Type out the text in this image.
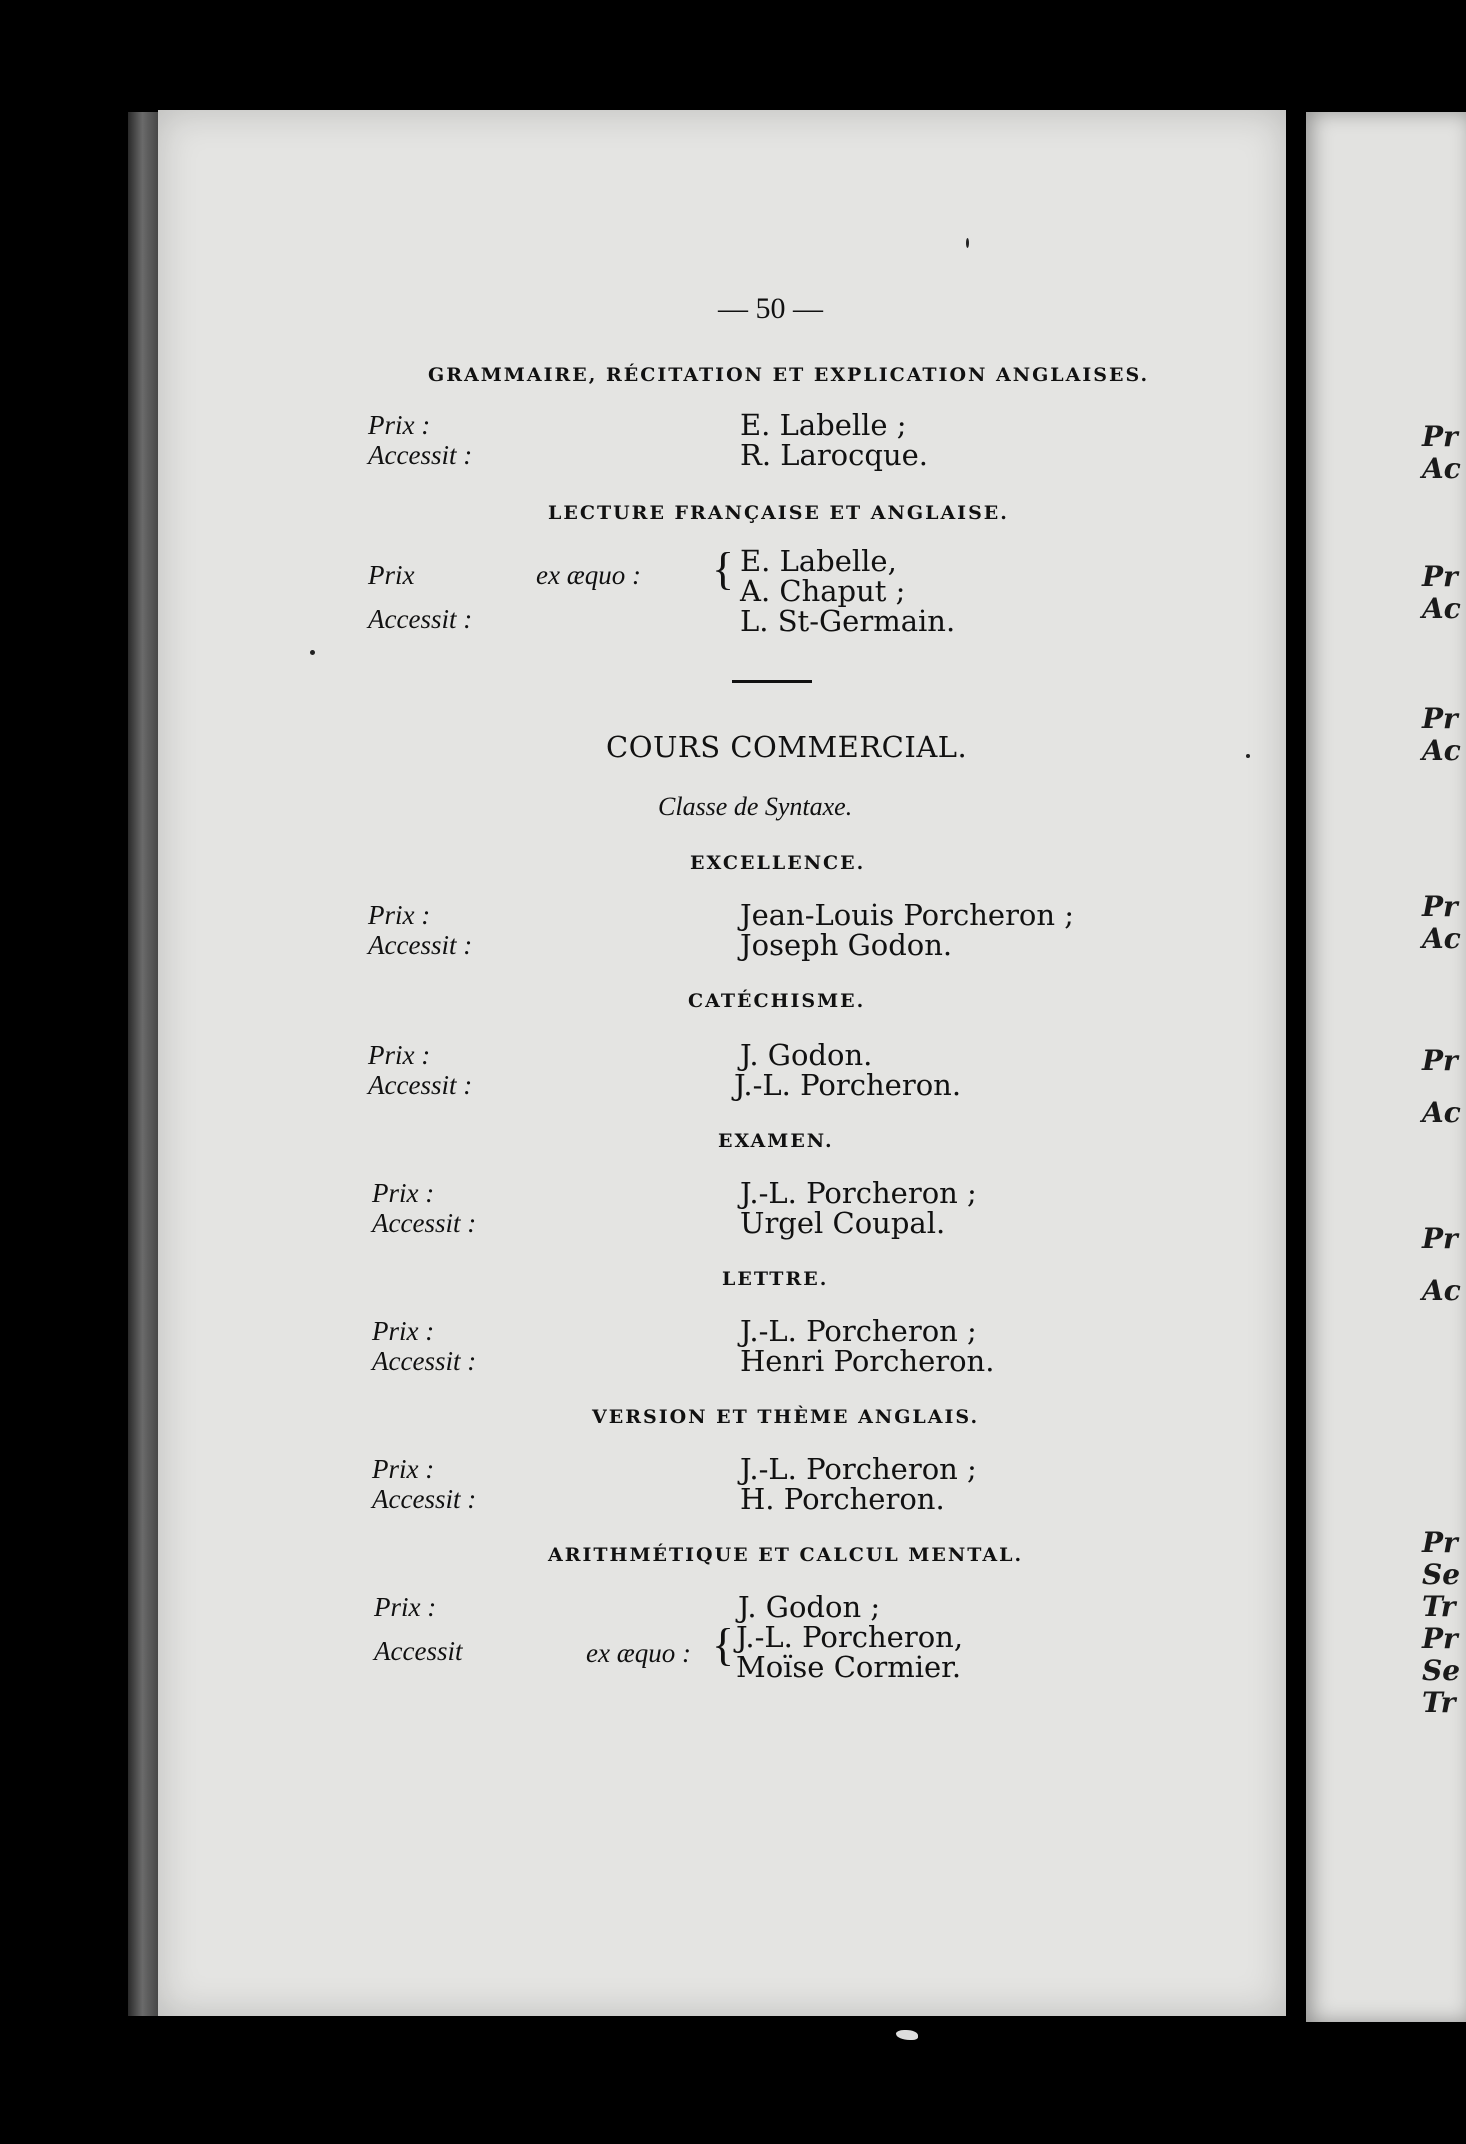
Pr
Ac
Pr
Ac
Pr
Ac
Pr
Ac
Pr
Ac
Pr
Ac
Pr
Se
Tr
Pr
Se
Tr
— 50 —
GRAMMAIRE, RÉCITATION ET EXPLICATION ANGLAISES.
Prix :	E. Labelle ;
Accessit :	R. Larocque.
LECTURE FRANÇAISE ET ANGLAISE.
Prix	ex æquo : { E. Labelle,
A. Chaput ;
Accessit :	L. St-Germain.
COURS COMMERCIAL.
Classe de Syntaxe.
EXCELLENCE.
Prix :	Jean-Louis Porcheron ;
Accessit :	Joseph Godon.
CATÉCHISME.
Prix :	J. Godon.
Accessit :	J.-L. Porcheron.
EXAMEN.
Prix :	J.-L. Porcheron ;
Accessit :	Urgel Coupal.
LETTRE.
Prix :	J.-L. Porcheron ;
Accessit :	Henri Porcheron.
VERSION ET THÈME ANGLAIS.
Prix :	J.-L. Porcheron ;
Accessit :	H. Porcheron.
ARITHMÉTIQUE ET CALCUL MENTAL.
Prix :	J. Godon ;
Accessit	ex æquo : { J.-L. Porcheron,
Moïse Cormier.
